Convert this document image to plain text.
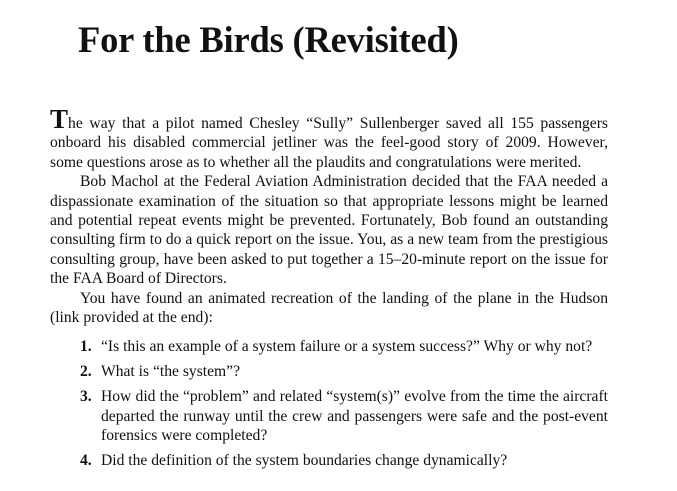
For the Birds (Revisited)

The way that a pilot named Chesley “Sully” Sullenberger saved all 155 passengers onboard his disabled commercial jetliner was the feel-good story of 2009. However, some questions arose as to whether all the plaudits and congratulations were merited.

Bob Machol at the Federal Aviation Administration decided that the FAA needed a dispassionate examination of the situation so that appropriate lessons might be learned and potential repeat events might be prevented. Fortunately, Bob found an outstanding consulting firm to do a quick report on the issue. You, as a new team from the prestigious consulting group, have been asked to put together a 15–20-minute report on the issue for the FAA Board of Directors.

You have found an animated recreation of the landing of the plane in the Hudson (link provided at the end):

1. “Is this an example of a system failure or a system success?” Why or why not?
2. What is “the system”?
3. How did the “problem” and related “system(s)” evolve from the time the aircraft departed the runway until the crew and passengers were safe and the post-event forensics were completed?
4. Did the definition of the system boundaries change dynamically?
